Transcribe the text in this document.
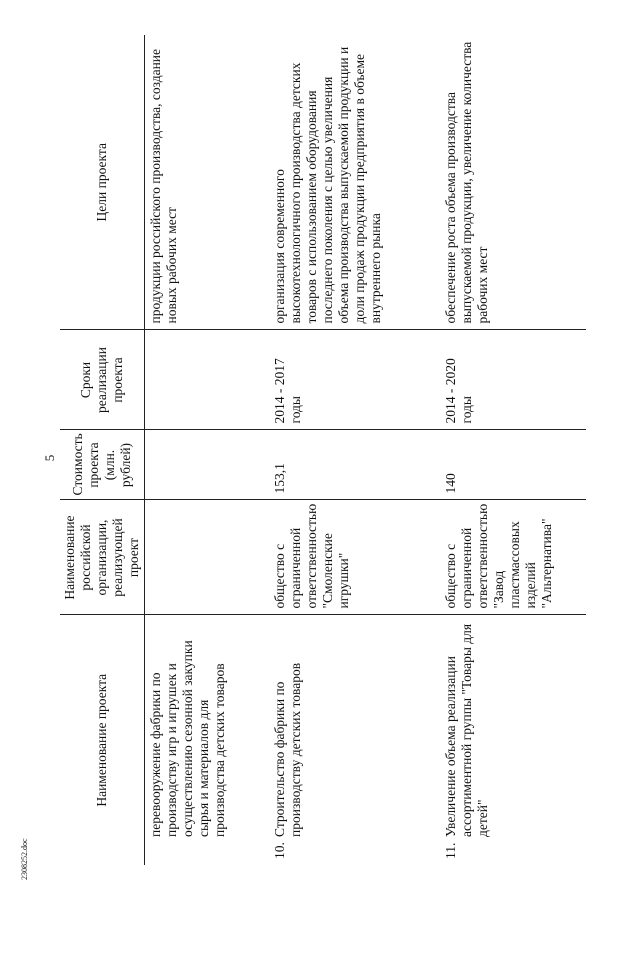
5
2308252.doc
Наименование проекта	Наименование российской организации, реализующей проект	Стоимость проекта (млн. рублей)	Сроки реализации проекта	Цели проекта

перевооружение фабрики по производству игр и игрушек и осуществлению сезонной закупки сырья и материалов для производства детских товаров				продукции российского производства, создание новых рабочих мест

10.
Строительство фабрики по производству детских товаров	общество с ограниченной ответственностью "Смоленские игрушки"	153,1	2014 - 2017 годы	организация современного высокотехнологичного производства детских товаров с использованием оборудования последнего поколения с целью увеличения объема производства выпускаемой продукции и доли продаж продукции предприятия в объеме внутреннего рынка

11.
Увеличение объема реализации ассортиментной группы "Товары для детей"	общество с ограниченной ответственностью "Завод пластмассовых изделий "Альтернатива"	140	2014 - 2020 годы	обеспечение роста объема производства выпускаемой продукции, увеличение количества рабочих мест
